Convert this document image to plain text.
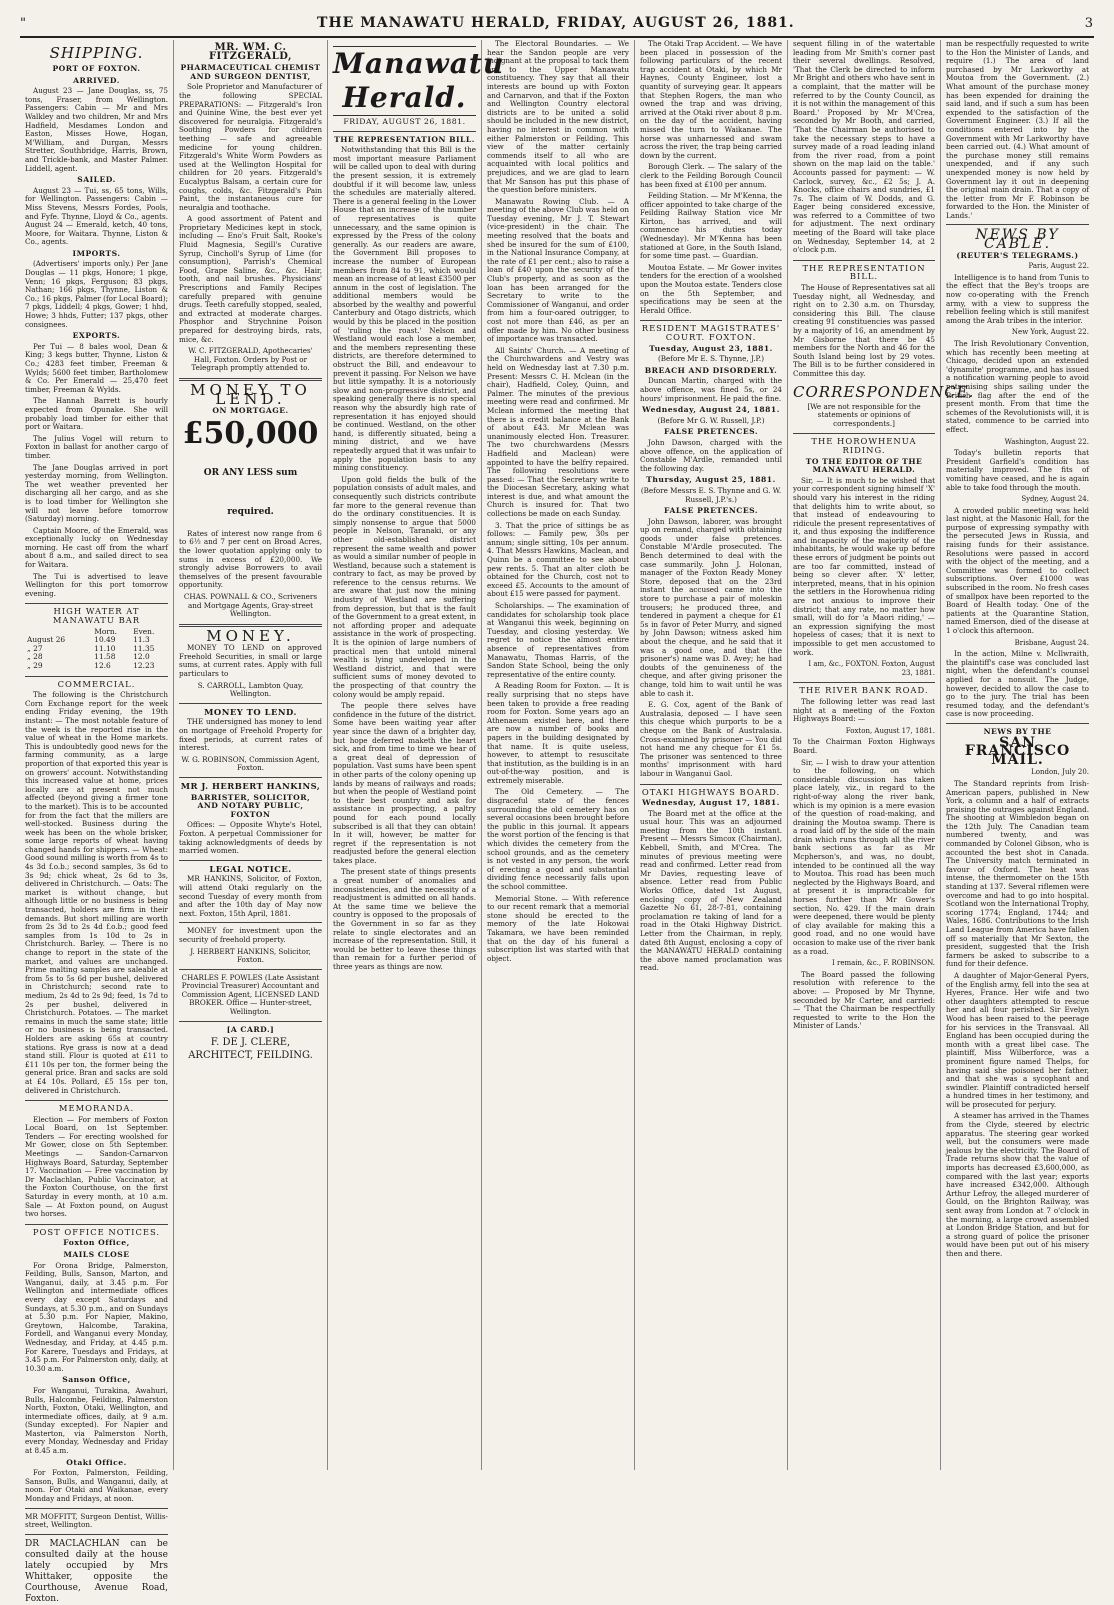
"	THE MANAWATU HERALD, FRIDAY, AUGUST 26, 1881.	3
SHIPPING.
PORT OF FOXTON.
ARRIVED.

August 23 — Jane Douglas, ss, 75 tons, Fraser, from Wellington. Passengers: Cabin — Mr and Mrs Walkley and two children, Mr and Mrs Hadfield, Mesdames London and Easton, Misses Howe, Hogan, M'William, and Durgan, Messrs Stretter, Southbridge, Harris, Brown, and Trickle-bank, and Master Palmer. Liddell, agent.

SAILED.

August 23 — Tui, ss, 65 tons, Wills, for Wellington. Passengers: Cabin — Miss Stevens, Messrs Fordes, Pools, and Fyfe. Thynne, Lloyd & Co., agents. August 24 — Emerald, ketch, 40 tons, Moore, for Waitara. Thynne, Liston & Co., agents.

IMPORTS.

(Advertisers' imports only.) Per Jane Douglas — 11 pkgs, Honore; 1 pkge, Venn; 16 pkgs, Ferguson; 83 pkgs, Nathan; 166 pkgs, Thynne, Liston & Co.; 16 pkgs, Palmer (for Local Board); 7 pkgs, Liddell; 4 pkgs, Gower; 1 hhd, Howe; 3 hhds, Futter; 137 pkgs, other consignees.

EXPORTS.

Per Tui — 8 bales wool, Dean & King; 3 kegs butter, Thynne, Liston & Co.; 4283 feet timber, Freeman & Wylds; 5600 feet timber, Bartholomew & Co. Per Emerald — 25,470 feet timber, Freeman & Wylds.

The Hannah Barrett is hourly expected from Opunake. She will probably load timber for either that port or Waitara.

The Julius Vogel will return to Foxton in ballast for another cargo of timber.

The Jane Douglas arrived in port yesterday morning, from Wellington. The wet weather prevented her discharging all her cargo, and as she is to load timber for Wellington she will not leave before tomorrow (Saturday) morning.

Captain Moore, of the Emerald, was exceptionally lucky on Wednesday morning. He cast off from the wharf about 8 a.m., and sailed direct to sea for Waitara.

The Tui is advertised to leave Wellington for this port tomorrow evening.

HIGH WATER AT MANAWATU BAR
		Morn.	Even.
August 26		10.49	11.3
„ 27		11.10	11.35
„ 28		11.58	12.0
„ 29		12.6	12.23
COMMERCIAL.

The following is the Christchurch Corn Exchange report for the week ending Friday evening, the 19th instant: — The most notable feature of the week is the reported rise in the value of wheat in the Home markets. This is undoubtedly good news for the farming community, as a large proportion of that exported this year is on growers' account. Notwithstanding this increased value at home, prices locally are at present not much affected (beyond giving a firmer tone to the market). This is to be accounted for from the fact that the millers are well-stocked. Business during the week has been on the whole brisker, some large reports of wheat having changed hands for shippers. — Wheat: Good sound milling is worth from 4s to 4s 3d f.o.b.; second samples, 3s 6d to 3s 9d; chick wheat, 2s 6d to 3s, delivered in Christchurch. — Oats: The market is without change, but although little or no business is being transacted, holders are firm in their demands. But short milling are worth from 2s 3d to 2s 4d f.o.b.; good feed samples from 1s 10d to 2s in Christchurch. Barley. — There is no change to report in the state of the market, and values are unchanged. Prime malting samples are saleable at from 5s to 5s 6d per bushel, delivered in Christchurch; second rate to medium, 2s 4d to 2s 9d; feed, 1s 7d to 2s per bushel, delivered in Christchurch. Potatoes. — The market remains in much the same state; little or no business is being transacted. Holders are asking 65s at country stations. Rye grass is now at a dead stand still. Flour is quoted at £11 to £11 10s per ton, the former being the general price. Bran and sacks are sold at £4 10s. Pollard, £5 15s per ton, delivered in Christchurch.

MEMORANDA.

Election — For members of Foxton Local Board, on 1st September. Tenders — For erecting woolshed for Mr Gower, close on 5th September. Meetings — Sandon-Carnarvon Highways Board, Saturday, September 17. Vaccination — Free vaccination by Dr Maclachlan, Public Vaccinator, at the Foxton Courthouse, on the first Saturday in every month, at 10 a.m. Sale — At Foxton pound, on August two horses.

POST OFFICE NOTICES.
Foxton Office,
MAILS CLOSE

For Orona Bridge, Palmerston, Feilding, Bulls, Sanson, Marton, and Wanganui, daily, at 3.45 p.m. For Wellington and intermediate offices every day except Saturdays and Sundays, at 5.30 p.m., and on Sundays at 5.30 p.m. For Napier, Makino, Greytown, Halcombe, Tarakina, Fordell, and Wanganui every Monday, Wednesday, and Friday, at 4.45 p.m. For Karere, Tuesdays and Fridays, at 3.45 p.m. For Palmerston only, daily, at 10.30 a.m.

Sanson Office,

For Wanganui, Turakina, Awahuri, Bulls, Halcombe, Feilding, Palmerston North, Foxton, Otaki, Wellington, and intermediate offices, daily, at 9 a.m. (Sunday excepted). For Napier and Masterton, via Palmerston North, every Monday, Wednesday and Friday at 8.45 a.m.

Otaki Office.

For Foxton, Palmerston, Feilding, Sanson, Bulls, and Wanganui, daily, at noon. For Otaki and Waikanae, every Monday and Fridays, at noon.

MR MOFFITT, Surgeon Dentist, Willis-street, Wellington.

DR MACLACHLAN can be consulted daily at the house lately occupied by Mrs Whittaker, opposite the Courthouse, Avenue Road, Foxton.

MR. WM. C. FITZGERALD,
PHARMACEUTICAL CHEMIST AND SURGEON DENTIST,

Sole Proprietor and Manufacturer of the following SPECIAL PREPARATIONS: — Fitzgerald's Iron and Quinine Wine, the best ever yet discovered for neuralgia. Fitzgerald's Soothing Powders for children teething — safe and agreeable medicine for young children. Fitzgerald's White Worm Powders as used at the Wellington Hospital for children for 20 years. Fitzgerald's Eucalyptus Balsam, a certain cure for coughs, colds, &c. Fitzgerald's Pain Paint, the instantaneous cure for neuralgia and toothache.

A good assortment of Patent and Proprietary Medicines kept in stock, including — Eno's Fruit Salt, Rooke's Fluid Magnesia, Segill's Curative Syrup, Cincholl's Syrup of Lime (for consumption), Parrish's Chemical Food, Grape Saline, &c., &c. Hair, tooth, and nail brushes. Physicians' Prescriptions and Family Recipes carefully prepared with genuine drugs. Teeth carefully stopped, sealed, and extracted at moderate charges. Phosphor and Strychnine Poison prepared for destroying birds, rats, mice, &c.

W. C. FITZGERALD, Apothecaries' Hall, Foxton. Orders by Post or Telegraph promptly attended to.

MONEY TO LEND.
ON MORTGAGE.
£50,000 OR ANY LESS sum required.

Rates of interest now range from 6 to 6½ and 7 per cent on Broad Acres, the lower quotation applying only to sums in excess of £20,000. We strongly advise Borrowers to avail themselves of the present favourable opportunity.

CHAS. POWNALL & CO., Scriveners and Mortgage Agents, Gray-street Wellington.

MONEY.

MONEY TO LEND on approved Freehold Securities, in small or large sums, at current rates. Apply with full particulars to

S. CARROLL, Lambton Quay, Wellington.

MONEY TO LEND.

THE undersigned has money to lend on mortgage of Freehold Property for fixed periods, at current rates of interest.

W. G. ROBINSON, Commission Agent, Foxton.

MR J. HERBERT HANKINS,
BARRISTER, SOLICITOR, AND NOTARY PUBLIC, FOXTON

Offices: — Opposite Whyte's Hotel, Foxton. A perpetual Commissioner for taking acknowledgments of deeds by married women.

LEGAL NOTICE.

MR HANKINS, Solicitor, of Foxton, will attend Otaki regularly on the second Tuesday of every month from and after the 10th day of May now next. Foxton, 15th April, 1881.

MONEY for investment upon the security of freehold property.

J. HERBERT HANKINS, Solicitor, Foxton.

CHARLES F. POWLES (Late Assistant Provincial Treasurer) Accountant and Commission Agent, LICENSED LAND BROKER. Office — Hunter-street, Wellington.

[A CARD.]

F. DE J. CLERE, ARCHITECT, FEILDING.

Manawatu Herald.
FRIDAY, AUGUST 26, 1881.
THE REPRESENTATION BILL.

Notwithstanding that this Bill is the most important measure Parliament will be called upon to deal with during the present session, it is extremely doubtful if it will become law, unless the schedules are materially altered. There is a general feeling in the Lower House that an increase of the number of representatives is quite unnecessary, and the same opinion is expressed by the Press of the colony generally. As our readers are aware, the Government Bill proposes to increase the number of European members from 84 to 91, which would mean an increase of at least £3500 per annum in the cost of legislation. The additional members would be absorbed by the wealthy and powerful Canterbury and Otago districts, which would by this be placed in the position of 'ruling the roast.' Nelson and Westland would each lose a member, and the members representing these districts, are therefore determined to obstruct the Bill, and endeavour to prevent it passing. For Nelson we have but little sympathy. It is a notoriously slow and non-progressive district, and speaking generally there is no special reason why the absurdly high rate of representation it has enjoyed should be continued. Westland, on the other hand, is differently situated, being a mining district, and we have repeatedly argued that it was unfair to apply the population basis to any mining constituency.

Upon gold fields the bulk of the population consists of adult males, and consequently such districts contribute far more to the general revenue than do the ordinary constituencies. It is simply nonsense to argue that 5000 people in Nelson, Taranaki, or any other old-established district represent the same wealth and power as would a similar number of people in Westland, because such a statement is contrary to fact, as may be proved by reference to the census returns. We are aware that just now the mining industry of Westland are suffering from depression, but that is the fault of the Government to a great extent, in not affording proper and adequate assistance in the work of prospecting. It is the opinion of large numbers of practical men that untold mineral wealth is lying undeveloped in the Westland district, and that were sufficient sums of money devoted to the prospecting of that country the colony would be amply repaid.

The people there selves have confidence in the future of the district. Some have been waiting year after year since the dawn of a brighter day, but hope deferred maketh the heart sick, and from time to time we hear of a great deal of depression of population. Vast sums have been spent in other parts of the colony opening up lands by means of railways and roads; but when the people of Westland point to their best country and ask for assistance in prospecting, a paltry pound for each pound locally subscribed is all that they can obtain! In it will, however, be matter for regret if the representation is not readjusted before the general election takes place.

The present state of things presents a great number of anomalies and inconsistencies, and the necessity of a readjustment is admitted on all hands. At the same time we believe the country is opposed to the proposals of the Government in so far as they relate to single electorates and an increase of the representation. Still, it would be better to leave these things than remain for a further period of three years as things are now.

The Electoral Boundaries. — We hear the Sandon people are very indignant at the proposal to tack them on to the Upper Manawatu constituency. They say that all their interests are bound up with Foxton and Carnarvon, and that if the Foxton and Wellington Country electoral districts are to be united a solid should be included in the new district, having no interest in common with either Palmerston or Feilding. This view of the matter certainly commends itself to all who are acquainted with local politics and prejudices, and we are glad to learn that Mr Sanson has put this phase of the question before ministers.

Manawatu Rowing Club. — A meeting of the above Club was held on Tuesday evening, Mr J. T. Stewart (vice-president) in the chair. The meeting resolved that the boats and shed be insured for the sum of £100, in the National Insurance Company, at the rate of £1 per cent.; also to raise a loan of £40 upon the security of the Club's property, and as soon as the loan has been arranged for the Secretary to write to the Commissioner of Wanganui, and order from him a four-oared outrigger, to cost not more than £46, as per an offer made by him. No other business of importance was transacted.

All Saints' Church. — A meeting of the Churchwardens and Vestry was held on Wednesday last at 7.30 p.m. Present: Messrs C. H. Mclean (in the chair), Hadfield, Coley, Quinn, and Palmer. The minutes of the previous meeting were read and confirmed. Mr Mclean informed the meeting that there is a credit balance at the Bank of about £43. Mr Mclean was unanimously elected Hon. Treasurer. The two churchwardens (Messrs Hadfield and Maclean) were appointed to have the belfry repaired. The following resolutions were passed: — That the Secretary write to the Diocesan Secretary, asking what interest is due, and what amount the Church is insured for. That two collections be made on each Sunday.

3. That the price of sittings be as follows: — Family pew, 30s per annum; single sitting, 10s per annum. 4. That Messrs Hawkins, Maclean, and Quinn be a committee to see about pew rents. 5. That an alter cloth be obtained for the Church, cost not to exceed £5. Accounts to the amount of about £15 were passed for payment.

Scholarships. — The examination of candidates for scholarship took place at Wanganui this week, beginning on Tuesday, and closing yesterday. We regret to notice the almost entire absence of representatives from Manawatu, Thomas Harris, of the Sandon State School, being the only representative of the entire county.

A Reading Room for Foxton. — It is really surprising that no steps have been taken to provide a free reading room for Foxton. Some years ago an Athenaeum existed here, and there are now a number of books and papers in the building designated by that name. It is quite useless, however, to attempt to resuscitate that institution, as the building is in an out-of-the-way position, and is extremely miserable.

The Old Cemetery. — The disgraceful state of the fences surrounding the old cemetery has on several occasions been brought before the public in this journal. It appears the worst portion of the fencing is that which divides the cemetery from the school grounds, and as the cemetery is not vested in any person, the work of erecting a good and substantial dividing fence necessarily falls upon the school committee.

Memorial Stone. — With reference to our recent remark that a memorial stone should be erected to the memory of the late Hokowai Takamara, we have been reminded that on the day of his funeral a subscription list was started with that object.

The Otaki Trap Accident. — We have been placed in possession of the following particulars of the recent trap accident at Otaki, by which Mr Haynes, County Engineer, lost a quantity of surveying gear. It appears that Stephen Rogers, the man who owned the trap and was driving, arrived at the Otaki river about 8 p.m. on the day of the accident, having missed the turn to Waikanae. The horse was unharnessed and swam across the river, the trap being carried down by the current.

Borough Clerk. — The salary of the clerk to the Feilding Borough Council has been fixed at £100 per annum.

Feilding Station. — Mr M'Kenna, the officer appointed to take charge of the Feilding Railway Station vice Mr Kirton, has arrived, and will commence his duties today (Wednesday). Mr M'Kenna has been stationed at Gore, in the South Island, for some time past. — Guardian.

Moutoa Estate. — Mr Gower invites tenders for the erection of a woolshed upon the Moutoa estate. Tenders close on the 5th September, and specifications may be seen at the Herald Office.

RESIDENT MAGISTRATES' COURT. FOXTON.
Tuesday, August 23, 1881.

(Before Mr E. S. Thynne, J.P.)

BREACH AND DISORDERLY.

Duncan Martin, charged with the above offence, was fined 5s, or 24 hours' imprisonment. He paid the fine.

Wednesday, August 24, 1881.

(Before Mr G. W. Russell, J.P.)

FALSE PRETENCES.

John Dawson, charged with the above offence, on the application of Constable M'Ardle, remanded until the following day.

Thursday, August 25, 1881.

(Before Messrs E. S. Thynne and G. W. Russell, J.P.'s.)

FALSE PRETENCES.

John Dawson, laborer, was brought up on remand, charged with obtaining goods under false pretences. Constable M'Ardle prosecuted. The Bench determined to deal with the case summarily. John J. Holonan, manager of the Foxton Ready Money Store, deposed that on the 23rd instant the accused came into the store to purchase a pair of moleskin trousers; he produced three, and tendered in payment a cheque for £1 5s in favor of Peter Murry, and signed by John Dawson; witness asked him about the cheque, and he said that it was a good one, and that (the prisoner's) name was D. Avey; he had doubts of the genuineness of the cheque, and after giving prisoner the change, told him to wait until he was able to cash it.

E. G. Cox, agent of the Bank of Australasia, deposed — I have seen this cheque which purports to be a cheque on the Bank of Australasia. Cross-examined by prisoner — You did not hand me any cheque for £1 5s. The prisoner was sentenced to three months' imprisonment with hard labour in Wanganui Gaol.

OTAKI HIGHWAYS BOARD.
Wednesday, August 17, 1881.

The Board met at the office at the usual hour. This was an adjourned meeting from the 10th instant. Present — Messrs Simcox (Chairman), Kebbell, Smith, and M'Crea. The minutes of previous meeting were read and confirmed. Letter read from Mr Davies, requesting leave of absence. Letter read from Public Works Office, dated 1st August, enclosing copy of New Zealand Gazette No 61, 28-7-81, containing proclamation re taking of land for a road in the Otaki Highway District. Letter from the Chairman, in reply, dated 8th August, enclosing a copy of the MANAWATU HERALD containing the above named proclamation was read.

sequent filling in of the watertable leading from Mr Smith's corner past their several dwellings. Resolved, 'That the Clerk be directed to inform Mr Bright and others who have sent in a complaint, that the matter will be referred to by the County Council, as it is not within the management of this Board.' Proposed by Mr M'Crea, seconded by Mr Booth, and carried, 'That the Chairman be authorised to take the necessary steps to have a survey made of a road leading inland from the river road, from a point shown on the map laid on the table.' Accounts passed for payment: — W. Carlock, survey, &c., £2 5s; J. A. Knocks, office chairs and sundries, £1 7s. The claim of W. Dodds, and G. Eager being considered excessive, was referred to a Committee of two for adjustment. The next ordinary meeting of the Board will take place on Wednesday, September 14, at 2 o'clock p.m.

THE REPRESENTATION BILL.

The House of Representatives sat all Tuesday night, all Wednesday, and right on to 2.30 a.m. on Thursday, considering this Bill. The clause creating 91 constituencies was passed by a majority of 16, an amendment by Mr Gisborne that there be 45 members for the North and 46 for the South Island being lost by 29 votes. The Bill is to be further considered in Committee this day.

CORRESPONDENCE.

[We are not responsible for the statements or opinions of correspondents.]

THE HOROWHENUA RIDING.
TO THE EDITOR OF THE MANAWATU HERALD.

Sir, — It is much to be wished that your correspondent signing himself 'X' should vary his interest in the riding that delights him to write about, so that instead of endeavouring to ridicule the present representatives of it, and thus exposing the indifference and incapacity of the majority of the inhabitants, he would wake up before these errors of judgment be points out are too far committed, instead of being so clever after. 'X' letter, interpreted, means, that in his opinion the settlers in the Horowhenua riding are not anxious to improve their district; that any rate, no matter how small, will do for 'a Maori riding,' — an expression signifying the most hopeless of cases; that it is next to impossible to get men accustomed to work.

I am, &c., FOXTON. Foxton, August 23, 1881.

THE RIVER BANK ROAD.

The following letter was read last night at a meeting of the Foxton Highways Board: —

Foxton, August 17, 1881.

To the Chairman Foxton Highways Board.

Sir, — I wish to draw your attention to the following, on which considerable discussion has taken place lately, viz., in regard to the right-of-way along the river bank, which is my opinion is a mere evasion of the question of road-making, and draining the Moutoa swamp. There is a road laid off by the side of the main drain which runs through all the river bank sections as far as Mr Mcpherson's, and was, no doubt, intended to be continued all the way to Moutoa. This road has been much neglected by the Highways Board, and at present it is impracticable for horses further than Mr Gower's section, No. 429. If the main drain were deepened, there would be plenty of clay available for making this a good road, and no one would have occasion to make use of the river bank as a road.

I remain, &c., F. ROBINSON.

The Board passed the following resolution with reference to the above: — Proposed by Mr Thynne, seconded by Mr Carter, and carried: — 'That the Chairman be respectfully requested to write to the Hon the Minister of Lands.'

man be respectfully requested to write to the Hon the Minister of Lands, and require (1.) The area of land purchased by Mr Larkworthy at Moutoa from the Government. (2.) What amount of the purchase money has been expended for draining the said land, and if such a sum has been expended to the satisfaction of the Government Engineer. (3.) If all the conditions entered into by the Government with Mr Larkworthy have been carried out. (4.) What amount of the purchase money still remains unexpended, and if any such unexpended money is now held by Government lay it out in deepening the original main drain. That a copy of the letter from Mr F. Robinson be forwarded to the Hon. the Minister of Lands.'

NEWS BY CABLE.
(REUTER'S TELEGRAMS.)

Paris, August 22.

Intelligence is to hand from Tunis to the effect that the Bey's troops are now co-operating with the French army, with a view to suppress the rebellion feeling which is still manifest among the Arab tribes in the interior.

New York, August 22.

The Irish Revolutionary Convention, which has recently been meeting at Chicago, decided upon an extended 'dynamite' programme, and has issued a notification warning people to avoid patronising ships sailing under the British flag after the end of the present month. From that time the schemes of the Revolutionists will, it is stated, commence to be carried into effect.

Washington, August 22.

Today's bulletin reports that President Garfield's condition has materially improved. The fits of vomiting have ceased, and he is again able to take food through the mouth.

Sydney, August 24.

A crowded public meeting was held last night, at the Masonic Hall, for the purpose of expressing sympathy with the persecuted Jews in Russia, and raising funds for their assistance. Resolutions were passed in accord with the object of the meeting, and a Committee was formed to collect subscriptions. Over £1000 was subscribed in the room. No fresh cases of smallpox have been reported to the Board of Health today. One of the patients at the Quarantine Station, named Emerson, died of the disease at 1 o'clock this afternoon.

Brisbane, August 24.

In the action, Milne v. McIlwraith, the plaintiff's case was concluded last night, when the defendant's counsel applied for a nonsuit. The Judge, however, decided to allow the case to go to the jury. The trial has been resumed today, and the defendant's case is now proceeding.

NEWS BY THE
SAN FRANCISCO MAIL.

London, July 20.

The Standard reprints from Irish-American papers, published in New York, a column and a half of extracts praising the outrages against England. The shooting at Wimbledon began on the 12th July. The Canadian team numbered twenty, and was commanded by Colonel Gibson, who is accounted the best shot in Canada. The University match terminated in favour of Oxford. The heat was intense, the thermometer on the 15th standing at 137. Several riflemen were overcome and had to go into hospital. Scotland won the International Trophy, scoring 1774; England, 1744; and Wales, 1686. Contributions to the Irish Land League from America have fallen off so materially that Mr Sexton, the president, suggested that the Irish farmers be asked to subscribe to a fund for their defence.

A daughter of Major-General Pyers, of the English army, fell into the sea at Hyeres, France. Her wife and two other daughters attempted to rescue her and all four perished. Sir Evelyn Wood has been raised to the peerage for his services in the Transvaal. All England has been occupied during the month with a great libel case. The plaintiff, Miss Wilberforce, was a prominent figure named Thelps, for having said she poisoned her father, and that she was a sycophant and swindler. Plaintiff contradicted herself a hundred times in her testimony, and will be prosecuted for perjury.

A steamer has arrived in the Thames from the Clyde, steered by electric apparatus. The steering gear worked well, but the consumers were made jealous by the electricity. The Board of Trade returns show that the value of imports has decreased £3,600,000, as compared with the last year; exports have increased £342,000. Although Arthur Lefroy, the alleged murderer of Gould, on the Brighton Railway, was sent away from London at 7 o'clock in the morning, a large crowd assembled at London Bridge Station, and but for a strong guard of police the prisoner would have been put out of his misery then and there.
